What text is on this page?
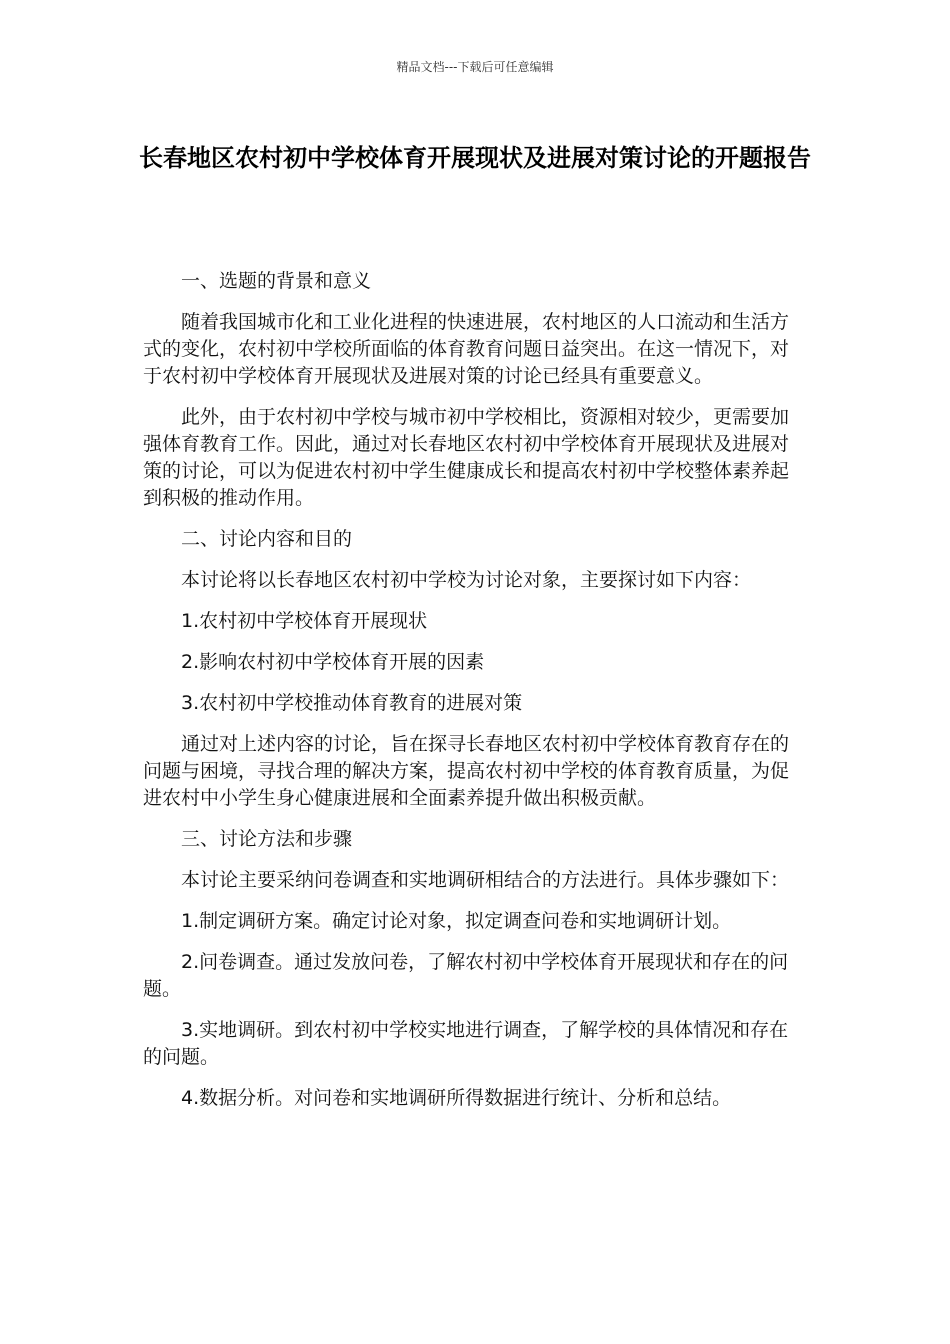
精品文档---下载后可任意编辑
长春地区农村初中学校体育开展现状及进展对策讨论的开题报告

一、选题的背景和意义

随着我国城市化和工业化进程的快速进展，农村地区的人口流动和生活方式的变化，农村初中学校所面临的体育教育问题日益突出。在这一情况下，对于农村初中学校体育开展现状及进展对策的讨论已经具有重要意义。

此外，由于农村初中学校与城市初中学校相比，资源相对较少，更需要加强体育教育工作。因此，通过对长春地区农村初中学校体育开展现状及进展对策的讨论，可以为促进农村初中学生健康成长和提高农村初中学校整体素养起到积极的推动作用。

二、讨论内容和目的

本讨论将以长春地区农村初中学校为讨论对象，主要探讨如下内容：

1.农村初中学校体育开展现状

2.影响农村初中学校体育开展的因素

3.农村初中学校推动体育教育的进展对策

通过对上述内容的讨论，旨在探寻长春地区农村初中学校体育教育存在的问题与困境，寻找合理的解决方案，提高农村初中学校的体育教育质量，为促进农村中小学生身心健康进展和全面素养提升做出积极贡献。

三、讨论方法和步骤

本讨论主要采纳问卷调查和实地调研相结合的方法进行。具体步骤如下：

1.制定调研方案。确定讨论对象，拟定调查问卷和实地调研计划。

2.问卷调查。通过发放问卷，了解农村初中学校体育开展现状和存在的问题。

3.实地调研。到农村初中学校实地进行调查，了解学校的具体情况和存在的问题。

4.数据分析。对问卷和实地调研所得数据进行统计、分析和总结。
